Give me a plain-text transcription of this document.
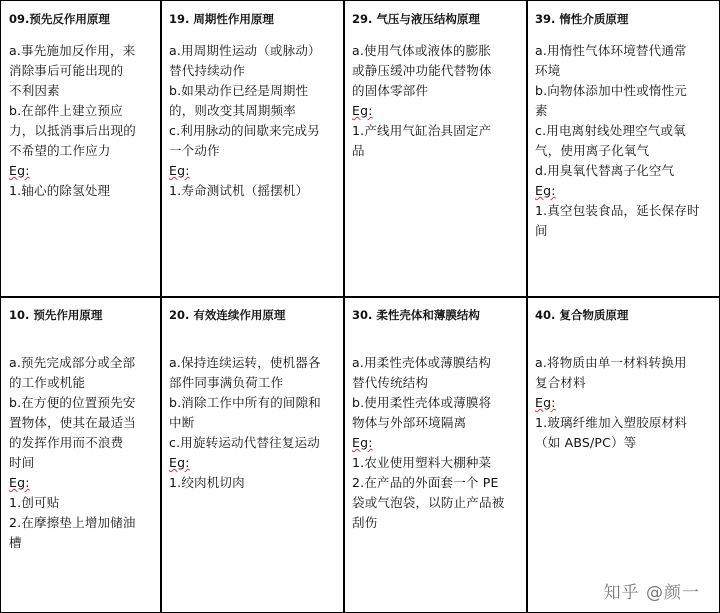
09.预先反作用原理
a.事先施加反作用，来
消除事后可能出现的
不利因素
b.在部件上建立预应
力，以抵消事后出现的
不希望的工作应力
Eg:
1.轴心的除氢处理
19. 周期性作用原理
a.用周期性运动（或脉动）
替代持续动作
b.如果动作已经是周期性
的，则改变其周期频率
c.利用脉动的间歇来完成另
一个动作
Eg:
1.寿命测试机（摇摆机）
29. 气压与液压结构原理
a.使用气体或液体的膨胀
或静压缓冲功能代替物体
的固体零部件
Eg:
1.产线用气缸治具固定产
品
39. 惰性介质原理
a.用惰性气体环境替代通常
环境
b.向物体添加中性或惰性元
素
c.用电离射线处理空气或氧
气，使用离子化氧气
d.用臭氧代替离子化空气
Eg:
1.真空包装食品，延长保存时
间
10. 预先作用原理
a.预先完成部分或全部
的工作或机能
b.在方便的位置预先安
置物体，使其在最适当
的发挥作用而不浪费
时间
Eg:
1.创可贴
2.在摩擦垫上增加储油
槽
20. 有效连续作用原理
a.保持连续运转，使机器各
部件同事满负荷工作
b.消除工作中所有的间隙和
中断
c.用旋转运动代替往复运动
Eg:
1.绞肉机切肉
30. 柔性壳体和薄膜结构
a.用柔性壳体或薄膜结构
替代传统结构
b.使用柔性壳体或薄膜将
物体与外部环境隔离
Eg:
1.农业使用塑料大棚种菜
2.在产品的外面套一个 PE
袋或气泡袋，以防止产品被
刮伤
40. 复合物质原理
a.将物质由单一材料转换用
复合材料
Eg:
1.玻璃纤维加入塑胶原材料
（如 ABS/PC）等
知乎 @颜一
